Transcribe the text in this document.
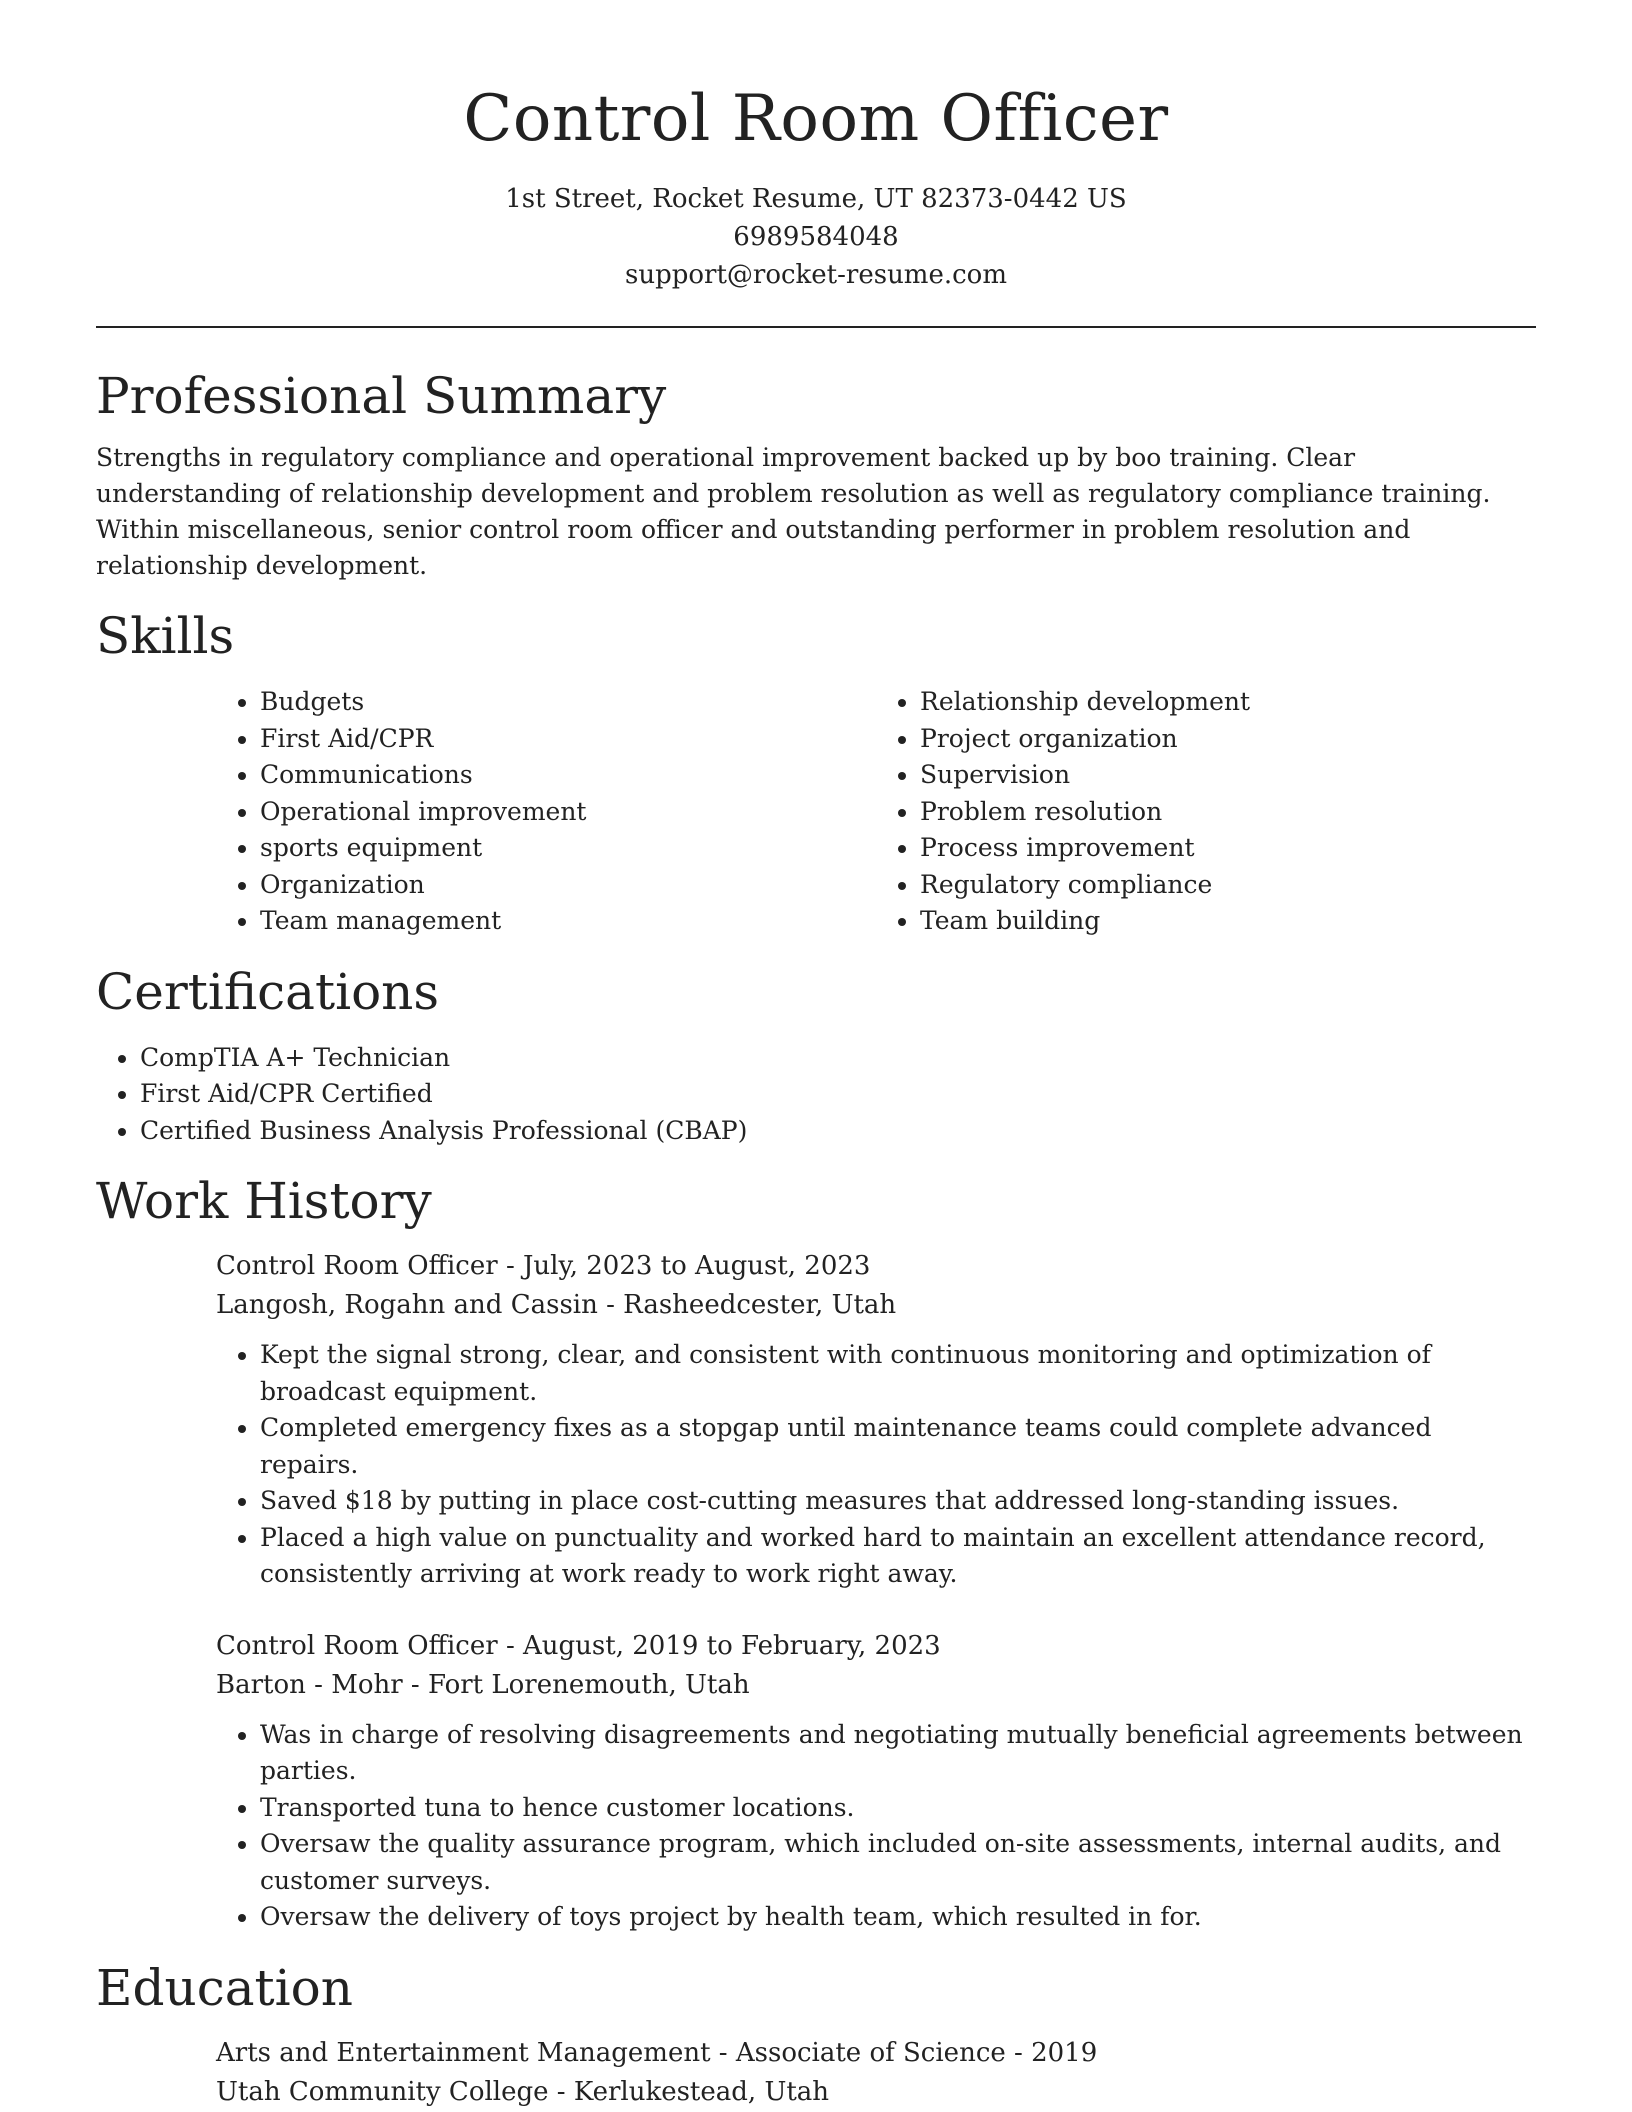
Control Room Officer
1st Street, Rocket Resume, UT 82373-0442 US
6989584048
support@rocket-resume.com
Professional Summary

Strengths in regulatory compliance and operational improvement backed up by boo training. Clear understanding of relationship development and problem resolution as well as regulatory compliance training. Within miscellaneous, senior control room officer and outstanding performer in problem resolution and relationship development.

Skills
• Budgets
• First Aid/CPR
• Communications
• Operational improvement
• sports equipment
• Organization
• Team management
• Relationship development
• Project organization
• Supervision
• Problem resolution
• Process improvement
• Regulatory compliance
• Team building
Certifications
• CompTIA A+ Technician
• First Aid/CPR Certified
• Certified Business Analysis Professional (CBAP)
Work History
Control Room Officer - July, 2023 to August, 2023
Langosh, Rogahn and Cassin - Rasheedcester, Utah
• Kept the signal strong, clear, and consistent with continuous monitoring and optimization of broadcast equipment.
• Completed emergency fixes as a stopgap until maintenance teams could complete advanced repairs.
• Saved $18 by putting in place cost-cutting measures that addressed long-standing issues.
• Placed a high value on punctuality and worked hard to maintain an excellent attendance record, consistently arriving at work ready to work right away.
Control Room Officer - August, 2019 to February, 2023
Barton - Mohr - Fort Lorenemouth, Utah
• Was in charge of resolving disagreements and negotiating mutually beneficial agreements between parties.
• Transported tuna to hence customer locations.
• Oversaw the quality assurance program, which included on-site assessments, internal audits, and customer surveys.
• Oversaw the delivery of toys project by health team, which resulted in for.
Education
Arts and Entertainment Management - Associate of Science - 2019
Utah Community College - Kerlukestead, Utah
